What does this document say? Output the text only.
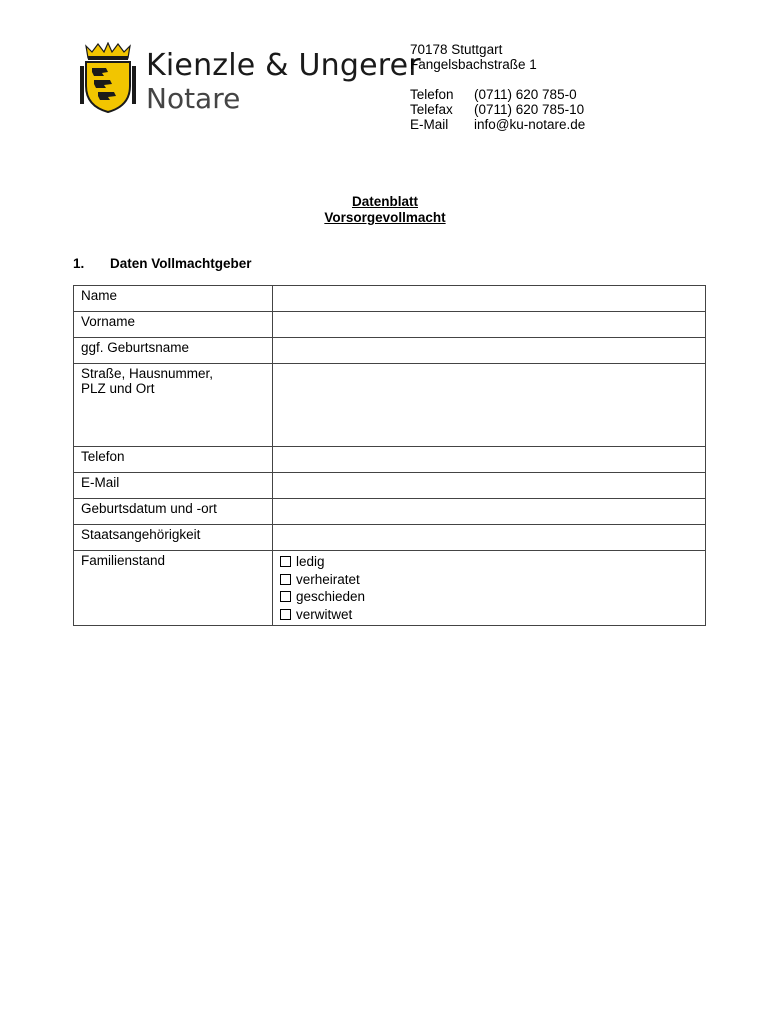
Kienzle & Ungerer
Notare
70178 Stuttgart
Fangelsbachstraße 1
Telefon	(0711) 620 785-0
Telefax	(0711) 620 785-10
E-Mail	info@ku-notare.de
Datenblatt
Vorsorgevollmacht
1. Daten Vollmachtgeber
Name	
Vorname	
ggf. Geburtsname	

Straße, Hausnummer,
PLZ und Ort	

Telefon	
E-Mail	
Geburtsdatum und -ort	
Staatsangehörigkeit	
Familienstand	ledig
verheiratet
geschieden
verwitwet
